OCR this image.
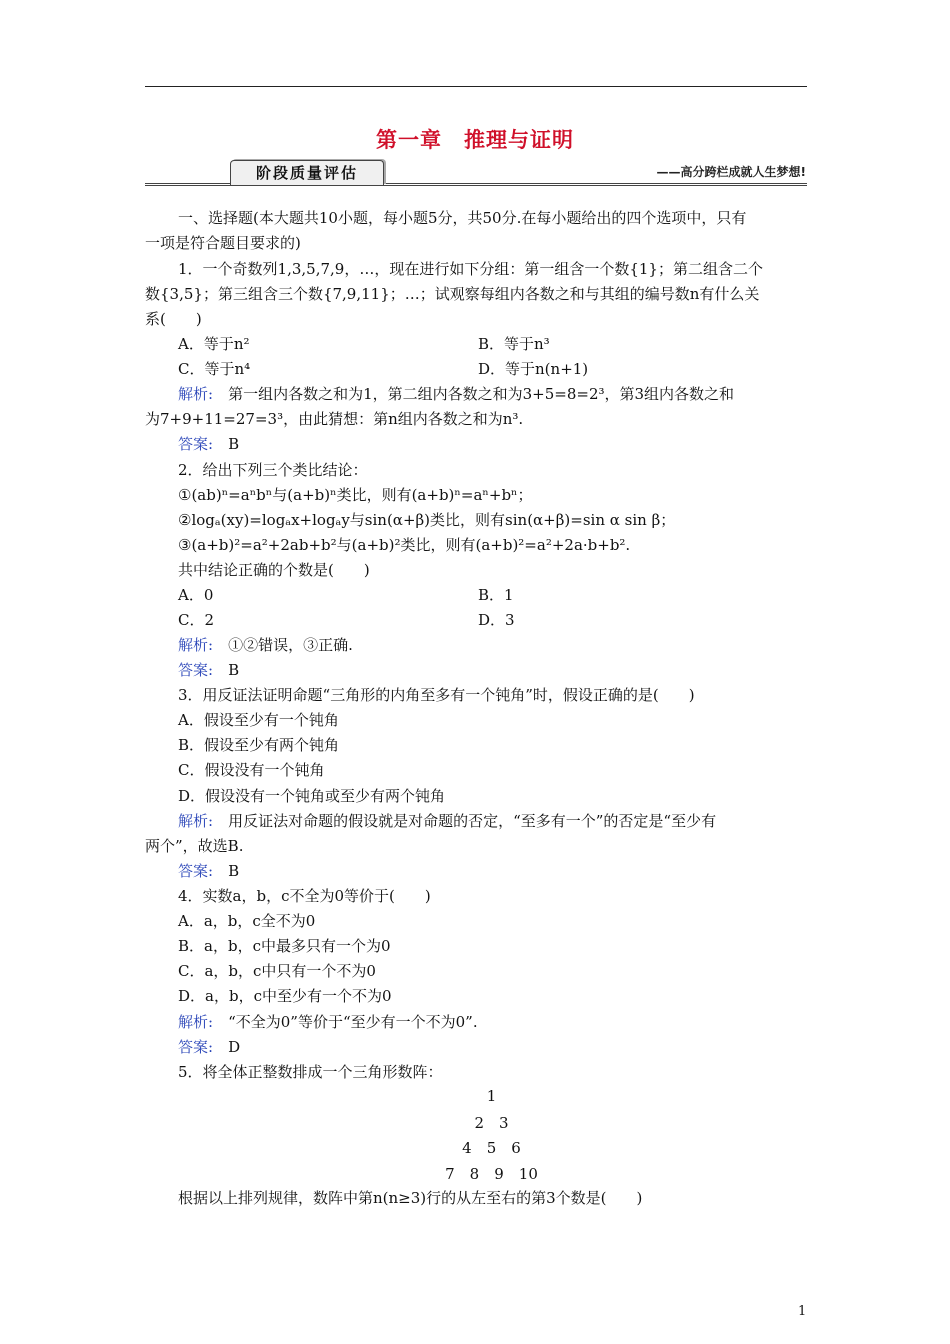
第一章　推理与证明
阶段质量评估	——高分跨栏成就人生梦想!
一、选择题(本大题共10小题，每小题5分，共50分.在每小题给出的四个选项中，只有
一项是符合题目要求的)
1．一个奇数列1,3,5,7,9，…，现在进行如下分组：第一组含一个数{1}；第二组含二个
数{3,5}；第三组含三个数{7,9,11}；…；试观察每组内各数之和与其组的编号数n有什么关
系(　　)
A．等于n²	B．等于n³
C．等于n⁴	D．等于n(n+1)
解析:　第一组内各数之和为1，第二组内各数之和为3+5=8=2³，第3组内各数之和
为7+9+11=27=3³，由此猜想：第n组内各数之和为n³.
答案:　B
2．给出下列三个类比结论：
①(ab)ⁿ=aⁿbⁿ与(a+b)ⁿ类比，则有(a+b)ⁿ=aⁿ+bⁿ；
②logₐ(xy)=logₐx+logₐy与sin(α+β)类比，则有sin(α+β)=sin α sin β；
③(a+b)²=a²+2ab+b²与(a+b)²类比，则有(a+b)²=a²+2a·b+b².
共中结论正确的个数是(　　)
A．0	B．1
C．2	D．3
解析:　①②错误，③正确.
答案:　B
3．用反证法证明命题“三角形的内角至多有一个钝角”时，假设正确的是(　　)
A．假设至少有一个钝角
B．假设至少有两个钝角
C．假设没有一个钝角
D．假设没有一个钝角或至少有两个钝角
解析:　用反证法对命题的假设就是对命题的否定，“至多有一个”的否定是“至少有
两个”，故选B.
答案:　B
4．实数a，b，c不全为0等价于(　　)
A．a，b，c全不为0
B．a，b，c中最多只有一个为0
C．a，b，c中只有一个不为0
D．a，b，c中至少有一个不为0
解析:　“不全为0”等价于“至少有一个不为0”.
答案:　D
5．将全体正整数排成一个三角形数阵：
1
2　3
4　5　6
7　8　9　10
根据以上排列规律，数阵中第n(n≥3)行的从左至右的第3个数是(　　)
1
